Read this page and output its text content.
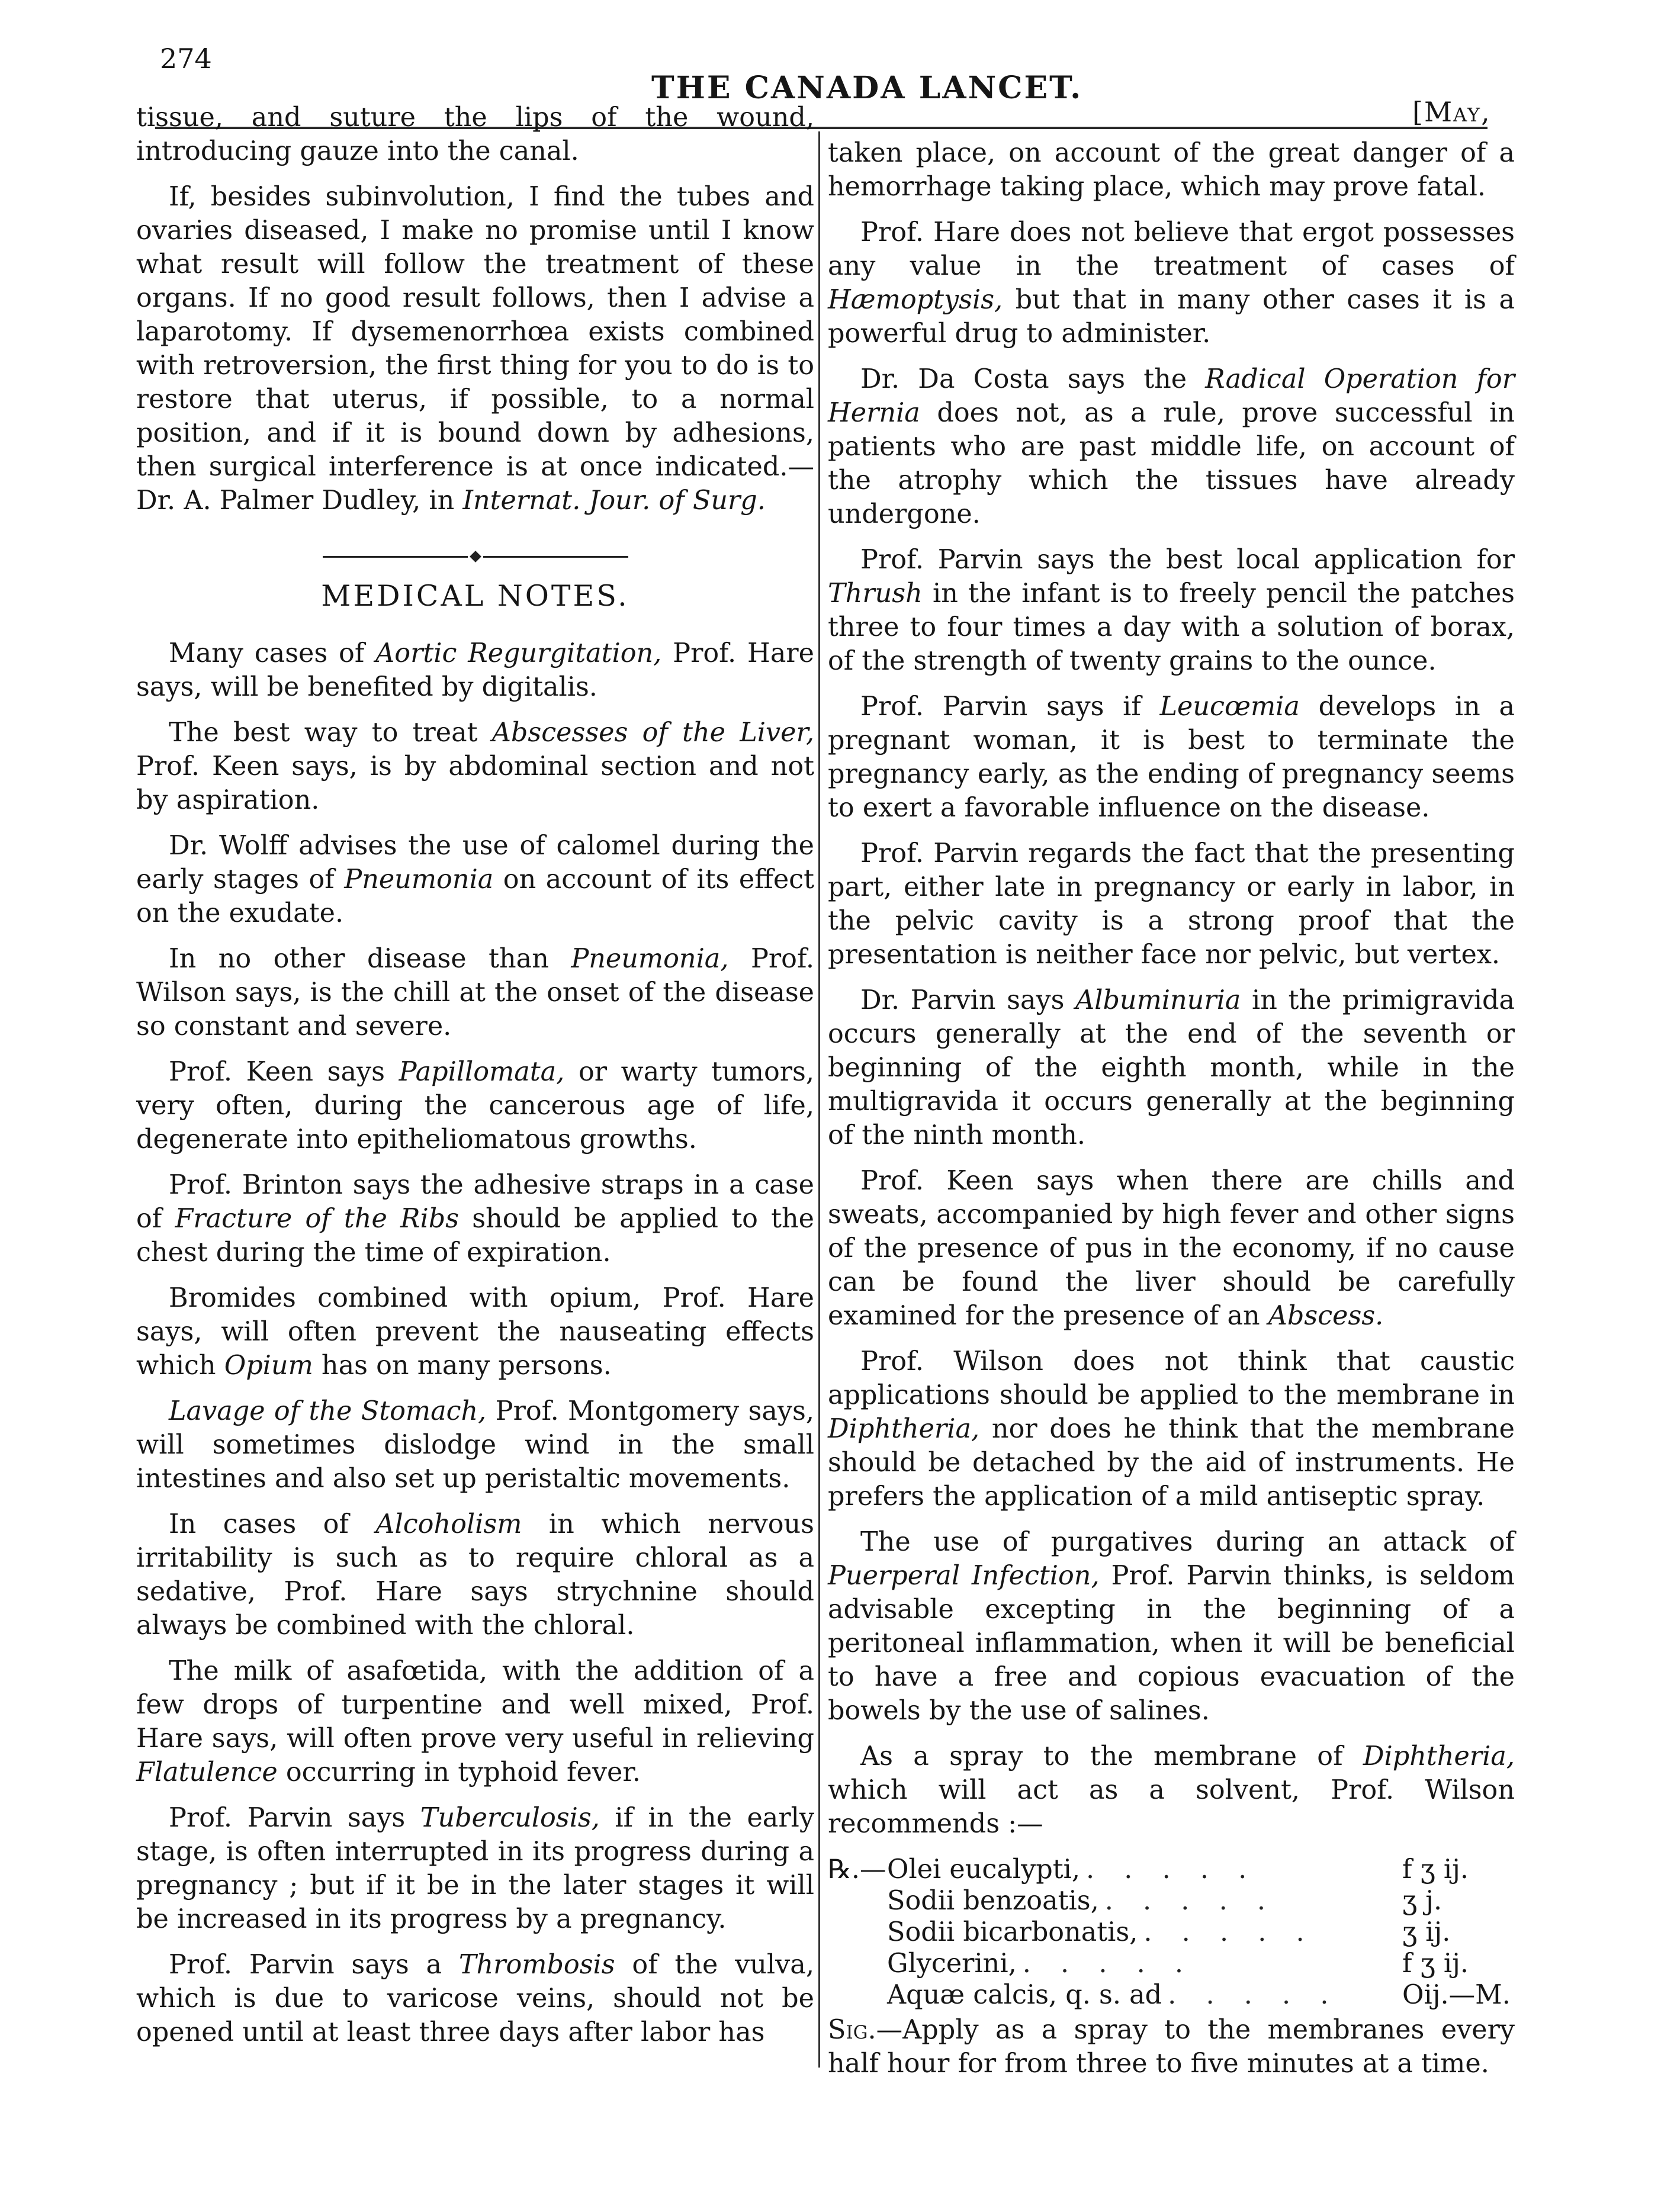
274
THE CANADA LANCET.
[May,

tissue, and suture the lips of the wound, introducing gauze into the canal.

If, besides subinvolution, I find the tubes and ovaries diseased, I make no promise until I know what result will follow the treatment of these organs. If no good result follows, then I advise a laparotomy. If dysemenorrhœa exists combined with retroversion, the first thing for you to do is to restore that uterus, if possible, to a normal position, and if it is bound down by adhesions, then surgical interference is at once indicated.—Dr. A. Palmer Dudley, in Internat. Jour. of Surg.

MEDICAL NOTES.

Many cases of Aortic Regurgitation, Prof. Hare says, will be benefited by digitalis.

The best way to treat Abscesses of the Liver, Prof. Keen says, is by abdominal section and not by aspiration.

Dr. Wolff advises the use of calomel during the early stages of Pneumonia on account of its effect on the exudate.

In no other disease than Pneumonia, Prof. Wilson says, is the chill at the onset of the disease so constant and severe.

Prof. Keen says Papillomata, or warty tumors, very often, during the cancerous age of life, degenerate into epitheliomatous growths.

Prof. Brinton says the adhesive straps in a case of Fracture of the Ribs should be applied to the chest during the time of expiration.

Bromides combined with opium, Prof. Hare says, will often prevent the nauseating effects which Opium has on many persons.

Lavage of the Stomach, Prof. Montgomery says, will sometimes dislodge wind in the small intestines and also set up peristaltic movements.

In cases of Alcoholism in which nervous irritability is such as to require chloral as a sedative, Prof. Hare says strychnine should always be combined with the chloral.

The milk of asafœtida, with the addition of a few drops of turpentine and well mixed, Prof. Hare says, will often prove very useful in relieving Flatulence occurring in typhoid fever.

Prof. Parvin says Tuberculosis, if in the early stage, is often interrupted in its progress during a pregnancy ; but if it be in the later stages it will be increased in its progress by a pregnancy.

Prof. Parvin says a Thrombosis of the vulva, which is due to varicose veins, should not be opened until at least three days after labor has

taken place, on account of the great danger of a hemorrhage taking place, which may prove fatal.

Prof. Hare does not believe that ergot possesses any value in the treatment of cases of Hæmoptysis, but that in many other cases it is a powerful drug to administer.

Dr. Da Costa says the Radical Operation for Hernia does not, as a rule, prove successful in patients who are past middle life, on account of the atrophy which the tissues have already undergone.

Prof. Parvin says the best local application for Thrush in the infant is to freely pencil the patches three to four times a day with a solution of borax, of the strength of twenty grains to the ounce.

Prof. Parvin says if Leucœmia develops in a pregnant woman, it is best to terminate the pregnancy early, as the ending of pregnancy seems to exert a favorable influence on the disease.

Prof. Parvin regards the fact that the presenting part, either late in pregnancy or early in labor, in the pelvic cavity is a strong proof that the presentation is neither face nor pelvic, but vertex.

Dr. Parvin says Albuminuria in the primigravida occurs generally at the end of the seventh or beginning of the eighth month, while in the multigravida it occurs generally at the beginning of the ninth month.

Prof. Keen says when there are chills and sweats, accompanied by high fever and other signs of the presence of pus in the economy, if no cause can be found the liver should be carefully examined for the presence of an Abscess.

Prof. Wilson does not think that caustic applications should be applied to the membrane in Diphtheria, nor does he think that the membrane should be detached by the aid of instruments. He prefers the application of a mild antiseptic spray.

The use of purgatives during an attack of Puerperal Infection, Prof. Parvin thinks, is seldom advisable excepting in the beginning of a peritoneal inflammation, when it will be beneficial to have a free and copious evacuation of the bowels by the use of salines.

As a spray to the membrane of Diphtheria, which will act as a solvent, Prof. Wilson recommends :—

℞.— Olei eucalypti, . . . . .	f ʒ ij.
Sodii benzoatis, . . . . .	ʒ j.
Sodii bicarbonatis, . . . . .	ʒ ij.
Glycerini, . . . . .	f ʒ ij.
Aquæ calcis, q. s. ad . . . . .	Oij.—M.

Sig.—Apply as a spray to the membranes every half hour for from three to five minutes at a time.
